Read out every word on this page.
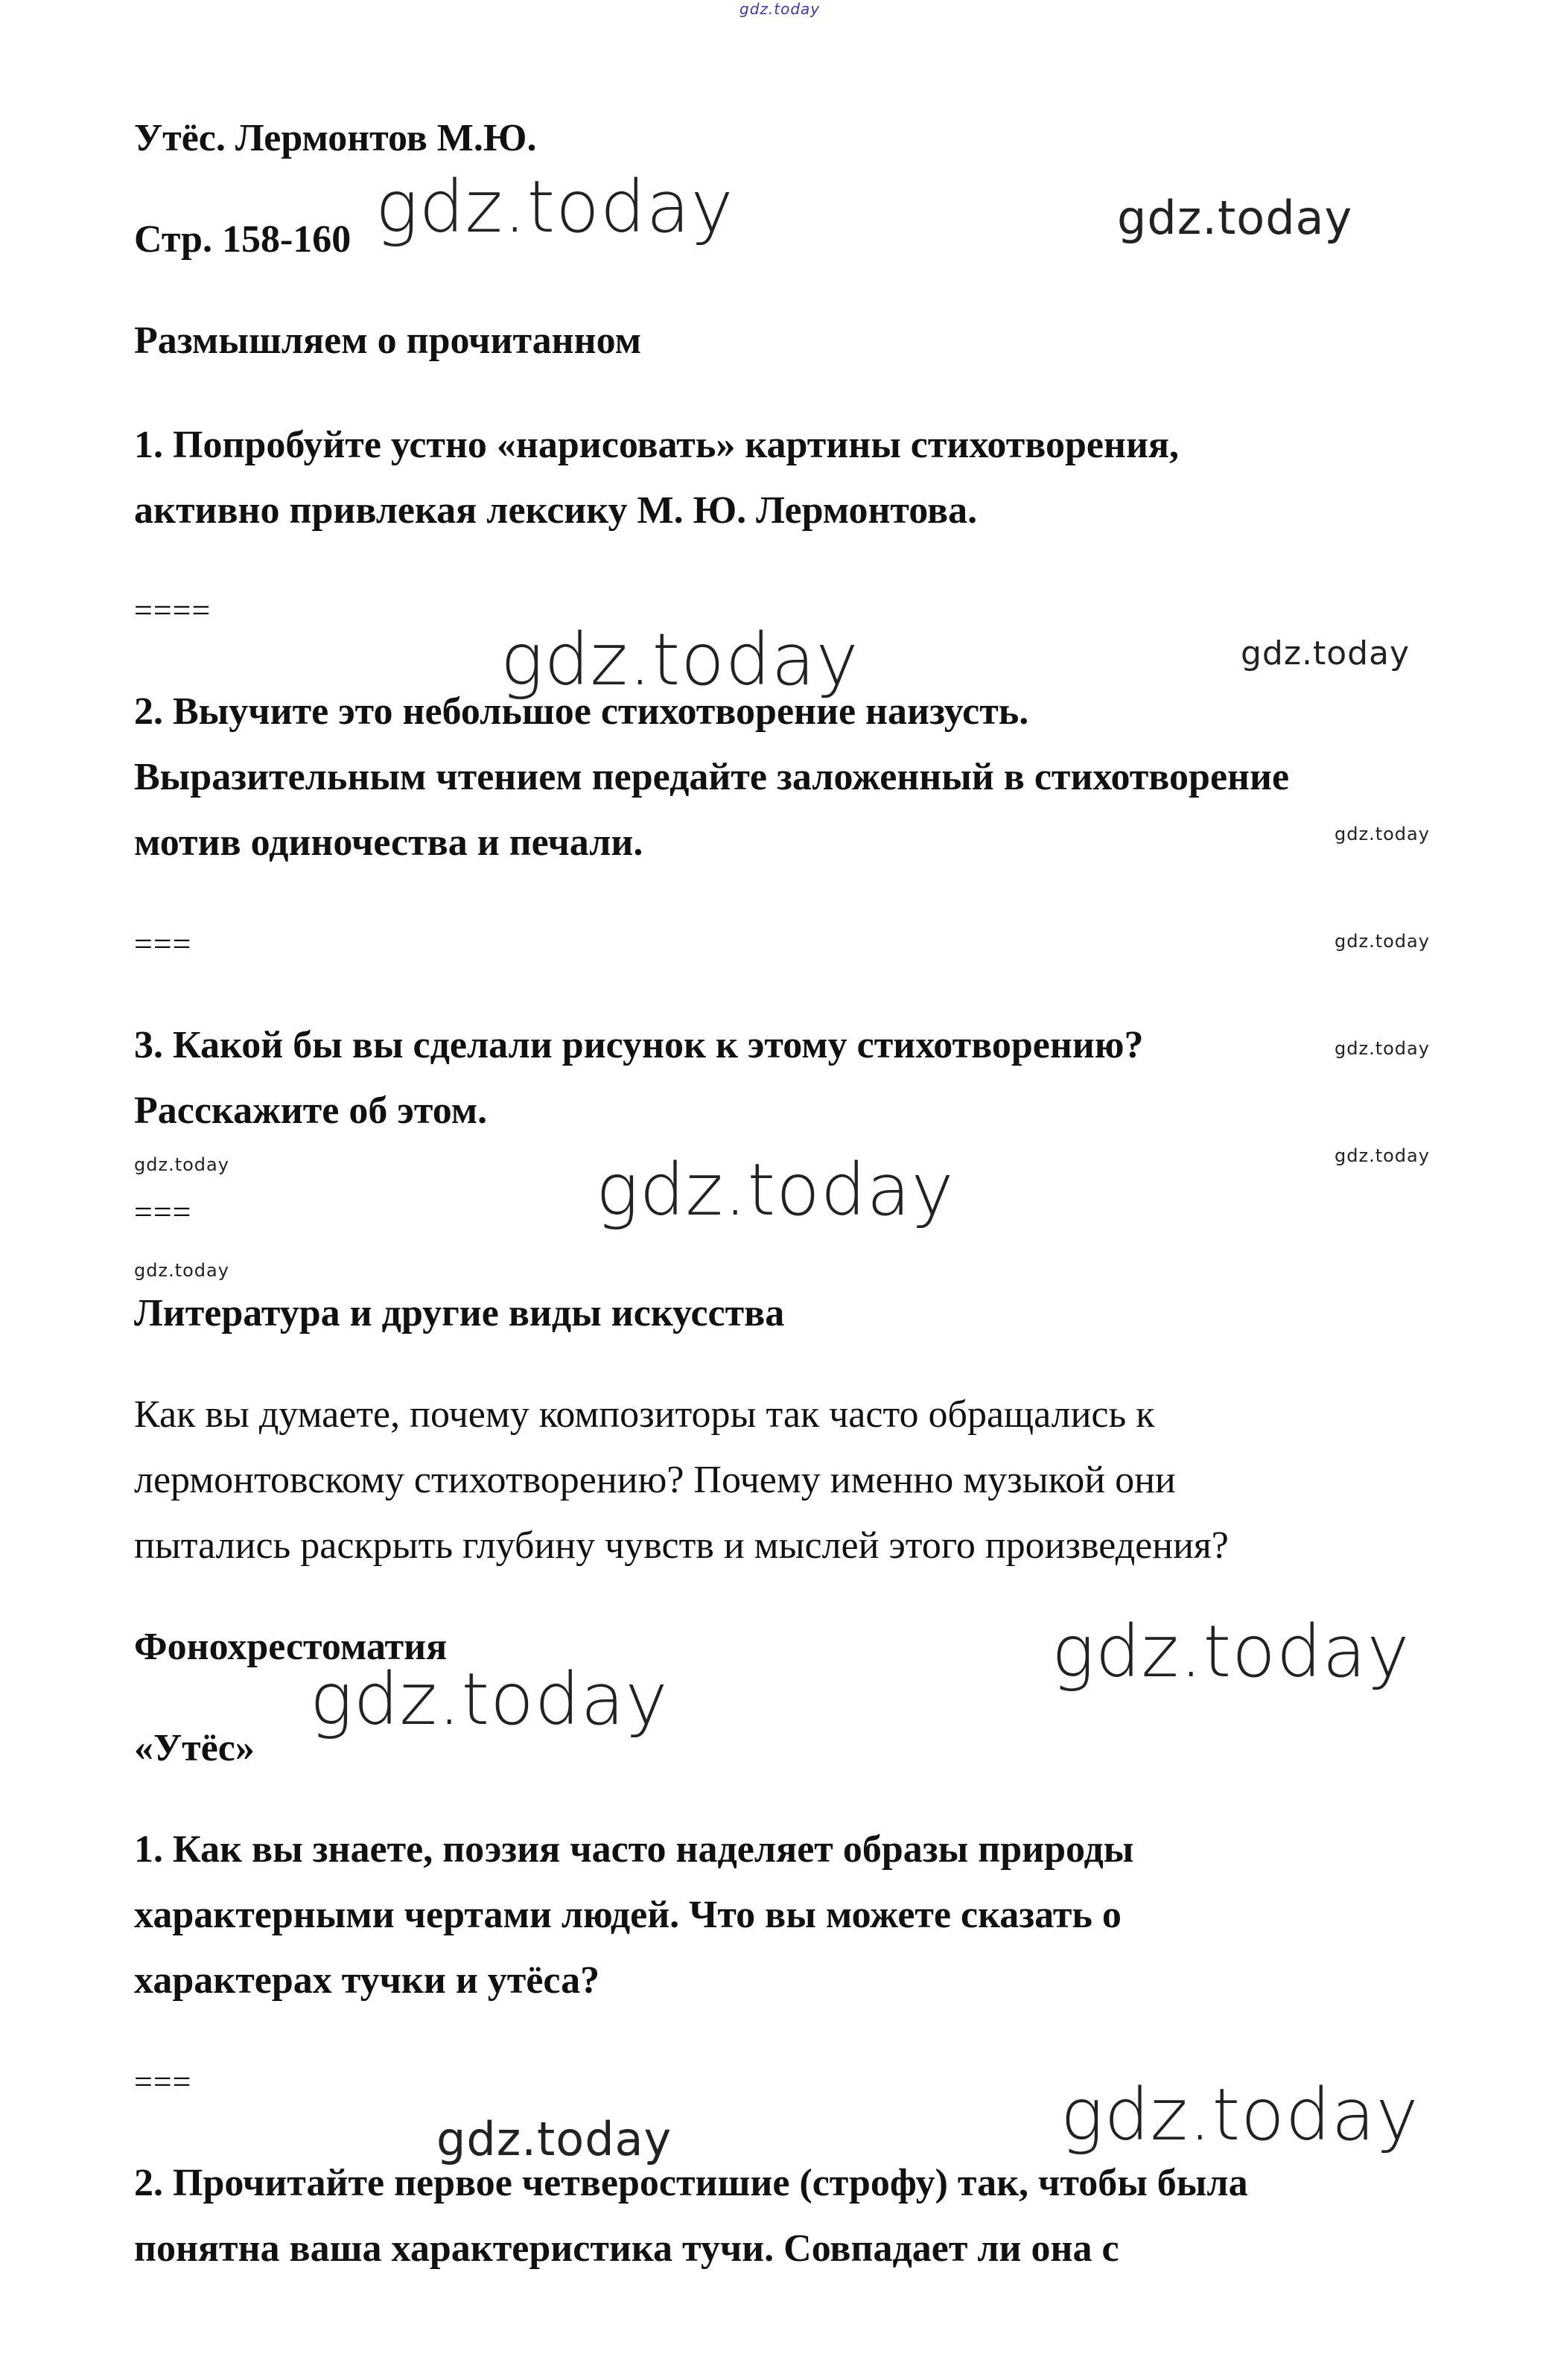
gdz.today

Утёс. Лермонтов М.Ю.

Стр. 158-160

Размышляем о прочитанном

1. Попробуйте устно «нарисовать» картины стихотворения,

активно привлекая лексику М. Ю. Лермонтова.

====

2. Выучите это небольшое стихотворение наизусть.

Выразительным чтением передайте заложенный в стихотворение

мотив одиночества и печали.

===

3. Какой бы вы сделали рисунок к этому стихотворению?

Расскажите об этом.

===

Литература и другие виды искусства

Как вы думаете, почему композиторы так часто обращались к

лермонтовскому стихотворению? Почему именно музыкой они

пытались раскрыть глубину чувств и мыслей этого произведения?

Фонохрестоматия

«Утёс»

1. Как вы знаете, поэзия часто наделяет образы природы

характерными чертами людей. Что вы можете сказать о

характерах тучки и утёса?

===

2. Прочитайте первое четверостишие (строфу) так, чтобы была

понятна ваша характеристика тучи. Совпадает ли она с

gdz.today	gdz.today

gdz.today	gdz.today

gdz.today

gdz.today

gdz.today

gdz.today

gdz.today	gdz.today

gdz.today

gdz.today

gdz.today

gdz.today

gdz.today
